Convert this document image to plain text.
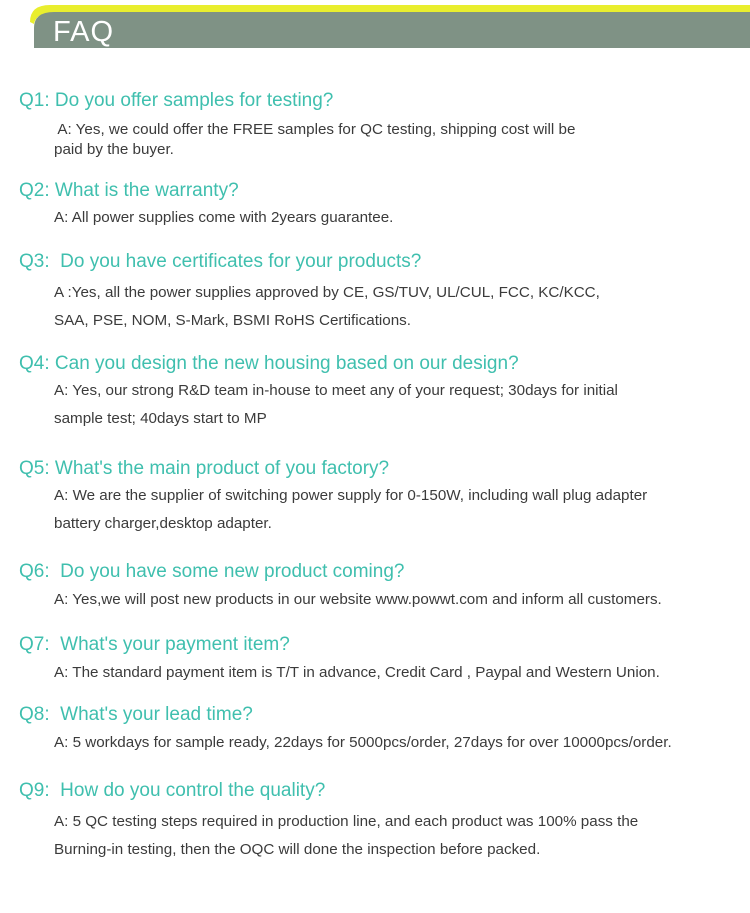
FAQ
Q1: Do you offer samples for testing?
A: Yes, we could offer the FREE samples for QC testing, shipping cost will be
paid by the buyer.
Q2: What is the warranty?
A: All power supplies come with 2years guarantee.
Q3:  Do you have certificates for your products?
A :Yes, all the power supplies approved by CE, GS/TUV, UL/CUL, FCC, KC/KCC,
SAA, PSE, NOM, S-Mark, BSMI RoHS Certifications.
Q4: Can you design the new housing based on our design?
A: Yes, our strong R&D team in-house to meet any of your request; 30days for initial
sample test; 40days start to MP
Q5: What's the main product of you factory?
A: We are the supplier of switching power supply for 0-150W, including wall plug adapter
battery charger,desktop adapter.
Q6:  Do you have some new product coming?
A: Yes,we will post new products in our website www.powwt.com and inform all customers.
Q7:  What's your payment item?
A: The standard payment item is T/T in advance, Credit Card , Paypal and Western Union.
Q8:  What's your lead time?
A: 5 workdays for sample ready, 22days for 5000pcs/order, 27days for over 10000pcs/order.
Q9:  How do you control the quality?
A: 5 QC testing steps required in production line, and each product was 100% pass the
Burning-in testing, then the OQC will done the inspection before packed.
